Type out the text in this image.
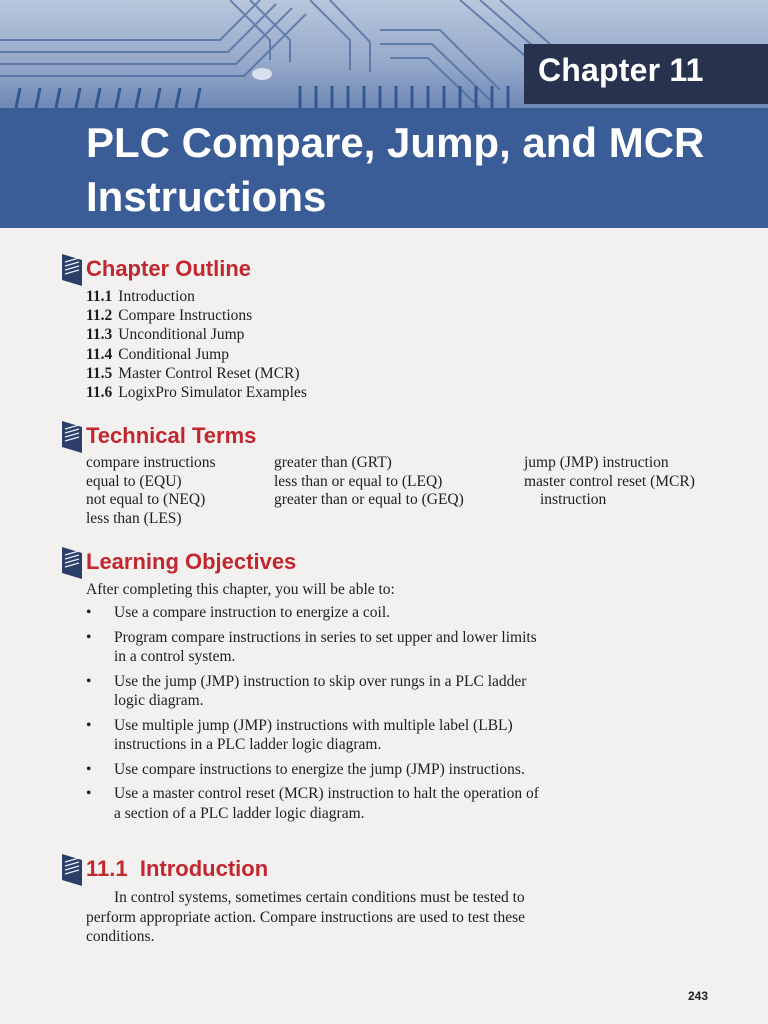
Chapter 11
PLC Compare, Jump, and MCR Instructions
Chapter Outline
11.1 Introduction
11.2 Compare Instructions
11.3 Unconditional Jump
11.4 Conditional Jump
11.5 Master Control Reset (MCR)
11.6 LogixPro Simulator Examples
Technical Terms
compare instructions
equal to (EQU)
not equal to (NEQ)
less than (LES)
greater than (GRT)
less than or equal to (LEQ)
greater than or equal to (GEQ)
jump (JMP) instruction
master control reset (MCR)
instruction
Learning Objectives

After completing this chapter, you will be able to:

• Use a compare instruction to energize a coil.
• Program compare instructions in series to set upper and lower limits in a control system.
• Use the jump (JMP) instruction to skip over rungs in a PLC ladder logic diagram.
• Use multiple jump (JMP) instructions with multiple label (LBL) instructions in a PLC ladder logic diagram.
• Use compare instructions to energize the jump (JMP) instructions.
• Use a master control reset (MCR) instruction to halt the operation of a section of a PLC ladder logic diagram.
11.1  Introduction

In control systems, sometimes certain conditions must be tested to perform appropriate action. Compare instructions are used to test these conditions.

243
